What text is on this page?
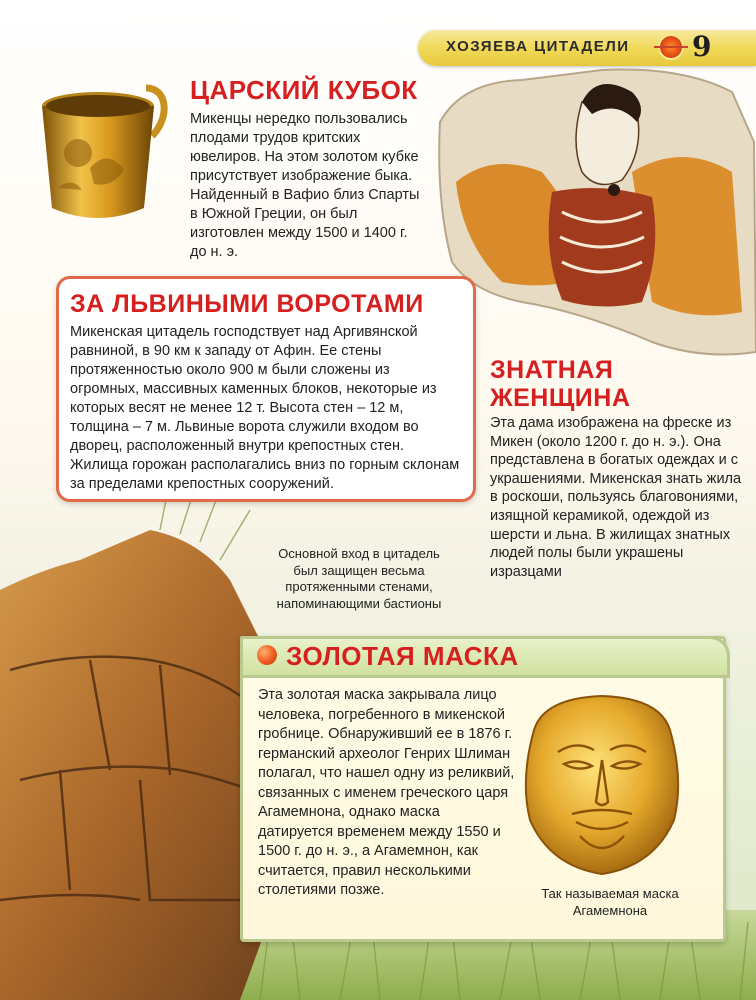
ХОЗЯЕВА ЦИТАДЕЛИ 9
ЦАРСКИЙ КУБОК
Микенцы нередко пользовались плодами трудов критских ювелиров. На этом золотом кубке присутствует изображение быка. Найденный в Вафио близ Спарты в Южной Греции, он был изготовлен между 1500 и 1400 г. до н. э.
ЗА ЛЬВИНЫМИ ВОРОТАМИ
Микенская цитадель господствует над Аргивянской равниной, в 90 км к западу от Афин. Ее стены протяженностью около 900 м были сложены из огромных, массивных каменных блоков, некоторые из которых весят не менее 12 т. Высота стен – 12 м, толщина – 7 м. Львиные ворота служили входом во дворец, расположенный внутри крепостных стен. Жилища горожан располагались вниз по горным склонам за пределами крепостных сооружений.
ЗНАТНАЯ ЖЕНЩИНА
Эта дама изображена на фреске из Микен (около 1200 г. до н. э.). Она представлена в богатых одеждах и с украшениями. Микенская знать жила в роскоши, пользуясь благовониями, изящной керамикой, одеждой из шерсти и льна. В жилищах знатных людей полы были украшены изразцами
Основной вход в цитадель был защищен весьма протяженными стенами, напоминающими бастионы
ЗОЛОТАЯ МАСКА
Эта золотая маска закрывала лицо человека, погребенного в микенской гробнице. Обнаруживший ее в 1876 г. германский археолог Генрих Шлиман полагал, что нашел одну из реликвий, связанных с именем греческого царя Агамемнона, однако маска датируется временем между 1550 и 1500 г. до н. э., а Агамемнон, как считается, правил несколькими столетиями позже.	Так называемая маска Агамемнона
